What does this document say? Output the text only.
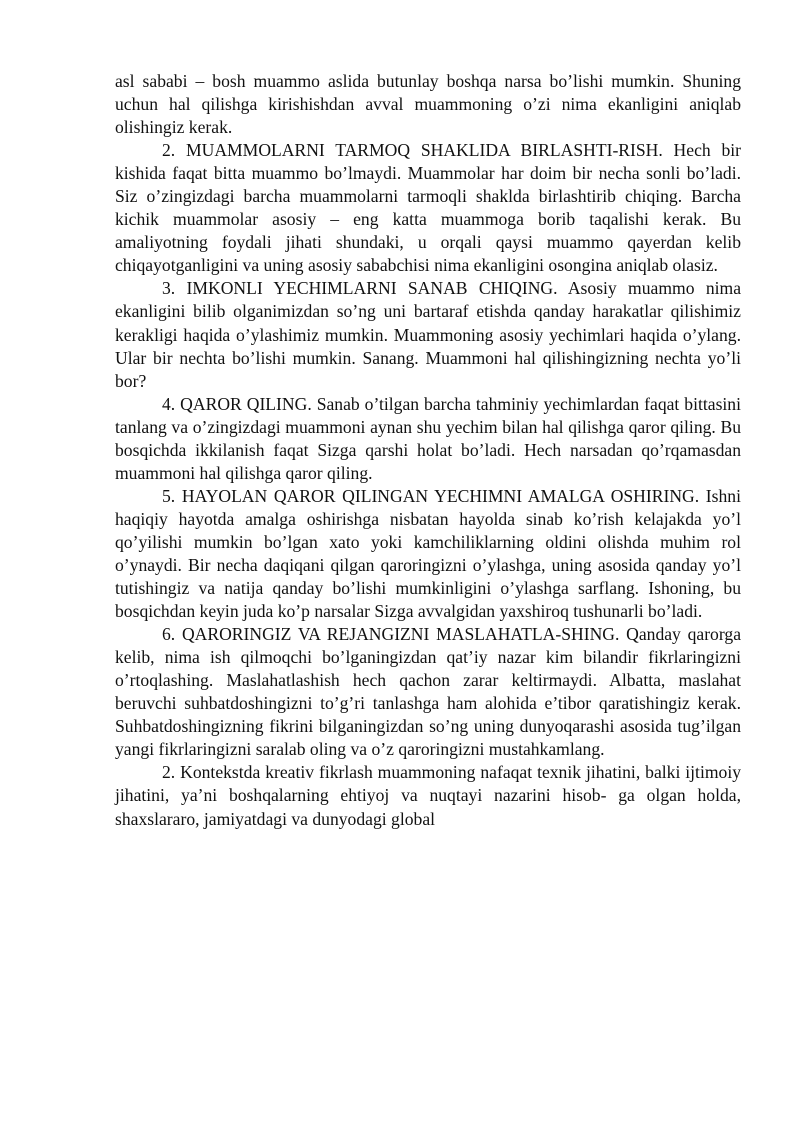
asl sababi – bosh muammo aslida butunlay boshqa narsa bo’lishi mumkin. Shuning uchun hal qilishga kirishishdan avval muammoning o’zi nima ekanligini aniqlab olishingiz kerak.

2. MUAMMOLARNI TARMOQ SHAKLIDA BIRLASHTI-RISH. Hech bir kishida faqat bitta muammo bo’lmaydi. Muammolar har doim bir necha sonli bo’ladi. Siz o’zingizdagi barcha muammolarni tarmoqli shaklda birlashtirib chiqing. Barcha kichik muammolar asosiy – eng katta muammoga borib taqalishi kerak. Bu amaliyotning foydali jihati shundaki, u orqali qaysi muammo qayerdan kelib chiqayotganligini va uning asosiy sababchisi nima ekanligini osongina aniqlab olasiz.

3. IMKONLI YECHIMLARNI SANAB CHIQING. Asosiy muammo nima ekanligini bilib olganimizdan so’ng uni bartaraf etishda qanday harakatlar qilishimiz kerakligi haqida o’ylashimiz mumkin. Muammoning asosiy yechimlari haqida o’ylang. Ular bir nechta bo’lishi mumkin. Sanang. Muammoni hal qilishingizning nechta yo’li bor?

4. QAROR QILING. Sanab o’tilgan barcha tahminiy yechimlardan faqat bittasini tanlang va o’zingizdagi muammoni aynan shu yechim bilan hal qilishga qaror qiling. Bu bosqichda ikkilanish faqat Sizga qarshi holat bo’ladi. Hech narsadan qo’rqamasdan muammoni hal qilishga qaror qiling.

5. HAYOLAN QAROR QILINGAN YECHIMNI AMALGA OSHIRING. Ishni haqiqiy hayotda amalga oshirishga nisbatan hayolda sinab ko’rish kelajakda yo’l qo’yilishi mumkin bo’lgan xato yoki kamchiliklarning oldini olishda muhim rol o’ynaydi. Bir necha daqiqani qilgan qaroringizni o’ylashga, uning asosida qanday yo’l tutishingiz va natija qanday bo’lishi mumkinligini o’ylashga sarflang. Ishoning, bu bosqichdan keyin juda ko’p narsalar Sizga avvalgidan yaxshiroq tushunarli bo’ladi.

6. QARORINGIZ VA REJANGIZNI MASLAHATLA-SHING. Qanday qarorga kelib, nima ish qilmoqchi bo’lganingizdan qat’iy nazar kim bilandir fikrlaringizni o’rtoqlashing. Maslahatlashish hech qachon zarar keltirmaydi. Albatta, maslahat beruvchi suhbatdoshingizni to’g’ri tanlashga ham alohida e’tibor qaratishingiz kerak. Suhbatdoshingizning fikrini bilganingizdan so’ng uning dunyoqarashi asosida tug’ilgan yangi fikrlaringizni saralab oling va o’z qaroringizni mustahkamlang.

2. Kontekstda kreativ fikrlash muammoning nafaqat texnik jihatini, balki ijtimoiy jihatini, ya’ni boshqalarning ehtiyoj va nuqtayi nazarini hisob- ga olgan holda, shaxslararo, jamiyatdagi va dunyodagi global
